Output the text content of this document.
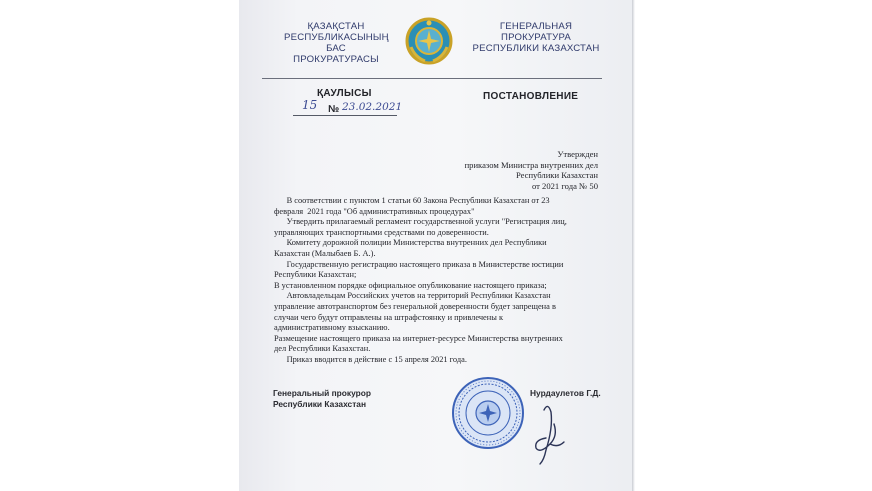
ҚАЗАҚСТАН
РЕСПУБЛИКАСЫНЫҢ
БАС ПРОКУРАТУРАСЫ
ГЕНЕРАЛЬНАЯ
ПРОКУРАТУРА
РЕСПУБЛИКИ КАЗАХСТАН
ҚАУЛЫСЫ	ПОСТАНОВЛЕНИЕ
15 № 23.02.2021
Утвержден
приказом Министра внутренних дел
Республики Казахстан
от 2021 года № 50

В соответствии с пунктом 1 статьи 60 Закона Республики Казахстан от 23

февраля  2021 года "Об административных процедурах"

Утвердить прилагаемый регламент государственной услуги "Регистрация лиц,

управляющих транспортными средствами по доверенности.

Комитету дорожной полиции Министерства внутренних дел Республики

Казахстан (Малыбаев Б. А.).

Государственную регистрацию настоящего приказа в Министерстве юстиции

Республики Казахстан;

В установленном порядке официальное опубликование настоящего приказа;

Автовладельцам Российских учетов на территорий Республики Казахстан

управление автотранспортом без генеральной доверенности будет запрещена в

случаи чего будут отправлены на штрафстоянку и привлечены к

административному взысканию.

Размещение настоящего приказа на интернет-ресурсе Министерства внутренних

дел Республики Казахстан.

Приказ вводится в действие с 15 апреля 2021 года.

Генеральный прокурор
Республики Казахстан
Нурдаулетов Г.Д.
